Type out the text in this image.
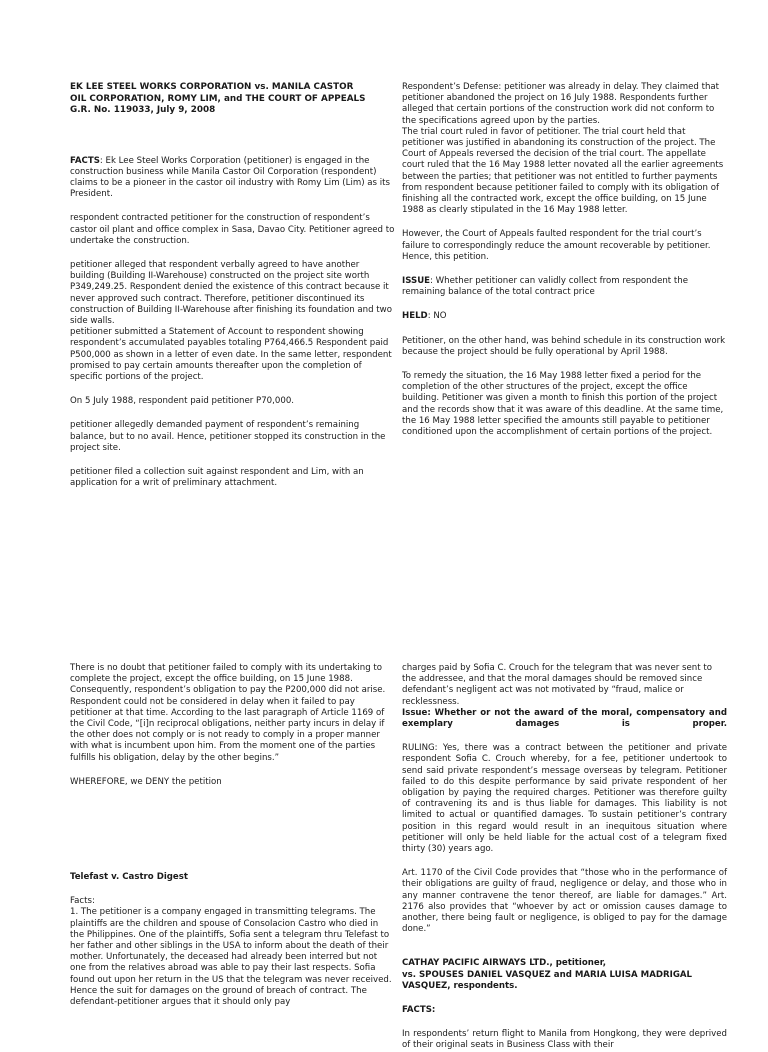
EK LEE STEEL WORKS CORPORATION vs. MANILA CASTOR

OIL CORPORATION, ROMY LIM, and THE COURT OF APPEALS

G.R. No. 119033, July 9, 2008

FACTS: Ek Lee Steel Works Corporation (petitioner) is engaged in the construction business while Manila Castor Oil Corporation (respondent) claims to be a pioneer in the castor oil industry with Romy Lim (Lim) as its President.

respondent contracted petitioner for the construction of respondent’s castor oil plant and office complex in Sasa, Davao City. Petitioner agreed to undertake the construction.

petitioner alleged that respondent verbally agreed to have another building (Building II-Warehouse) constructed on the project site worth P349,249.25. Respondent denied the existence of this contract because it never approved such contract. Therefore, petitioner discontinued its construction of Building II-Warehouse after finishing its foundation and two side walls.

petitioner submitted a Statement of Account to respondent showing respondent’s accumulated payables totaling P764,466.5 Respondent paid P500,000 as shown in a letter of even date. In the same letter, respondent promised to pay certain amounts thereafter upon the completion of specific portions of the project.

On 5 July 1988, respondent paid petitioner P70,000.

petitioner allegedly demanded payment of respondent’s remaining balance, but to no avail. Hence, petitioner stopped its construction in the project site.

petitioner filed a collection suit against respondent and Lim, with an application for a writ of preliminary attachment.

Respondent’s Defense: petitioner was already in delay. They claimed that petitioner abandoned the project on 16 July 1988. Respondents further alleged that certain portions of the construction work did not conform to the specifications agreed upon by the parties.

The trial court ruled in favor of petitioner. The trial court held that petitioner was justified in abandoning its construction of the project. The Court of Appeals reversed the decision of the trial court. The appellate court ruled that the 16 May 1988 letter novated all the earlier agreements between the parties; that petitioner was not entitled to further payments from respondent because petitioner failed to comply with its obligation of finishing all the contracted work, except the office building, on 15 June 1988 as clearly stipulated in the 16 May 1988 letter.

However, the Court of Appeals faulted respondent for the trial court’s failure to correspondingly reduce the amount recoverable by petitioner. Hence, this petition.

ISSUE: Whether petitioner can validly collect from respondent the remaining balance of the total contract price

HELD: NO

Petitioner, on the other hand, was behind schedule in its construction work because the project should be fully operational by April 1988.

To remedy the situation, the 16 May 1988 letter fixed a period for the completion of the other structures of the project, except the office building. Petitioner was given a month to finish this portion of the project and the records show that it was aware of this deadline. At the same time, the 16 May 1988 letter specified the amounts still payable to petitioner conditioned upon the accomplishment of certain portions of the project.

There is no doubt that petitioner failed to comply with its undertaking to complete the project, except the office building, on 15 June 1988. Consequently, respondent’s obligation to pay the P200,000 did not arise. Respondent could not be considered in delay when it failed to pay petitioner at that time. According to the last paragraph of Article 1169 of the Civil Code, “[i]n reciprocal obligations, neither party incurs in delay if the other does not comply or is not ready to comply in a proper manner with what is incumbent upon him. From the moment one of the parties fulfills his obligation, delay by the other begins.”

WHEREFORE, we DENY the petition

Telefast v. Castro Digest

Facts:

1. The petitioner is a company engaged in transmitting telegrams. The plaintiffs are the children and spouse of Consolacion Castro who died in the Philippines. One of the plaintiffs, Sofia sent a telegram thru Telefast to her father and other siblings in the USA to inform about the death of their mother. Unfortunately, the deceased had already been interred but not one from the relatives abroad was able to pay their last respects. Sofia found out upon her return in the US that the telegram was never received. Hence the suit for damages on the ground of breach of contract. The defendant-petitioner argues that it should only pay

charges paid by Sofia C. Crouch for the telegram that was never sent to the addressee, and that the moral damages should be removed since defendant’s negligent act was not motivated by “fraud, malice or recklessness.

Issue: Whether or not the award of the moral, compensatory and exemplary damages is proper.

RULING: Yes, there was a contract between the petitioner and private respondent Sofia C. Crouch whereby, for a fee, petitioner undertook to send said private respondent’s message overseas by telegram. Petitioner failed to do this despite performance by said private respondent of her obligation by paying the required charges. Petitioner was therefore guilty of contravening its and is thus liable for damages. This liability is not limited to actual or quantified damages. To sustain petitioner’s contrary position in this regard would result in an inequitous situation where petitioner will only be held liable for the actual cost of a telegram fixed thirty (30) years ago.

Art. 1170 of the Civil Code provides that “those who in the performance of their obligations are guilty of fraud, negligence or delay, and those who in any manner contravene the tenor thereof, are liable for damages.” Art. 2176 also provides that “whoever by act or omission causes damage to another, there being fault or negligence, is obliged to pay for the damage done.”

CATHAY PACIFIC AIRWAYS LTD., petitioner,

vs. SPOUSES DANIEL VASQUEZ and MARIA LUISA MADRIGAL

VASQUEZ, respondents.

FACTS:

In respondents’ return flight to Manila from Hongkong, they were deprived of their original seats in Business Class with their
